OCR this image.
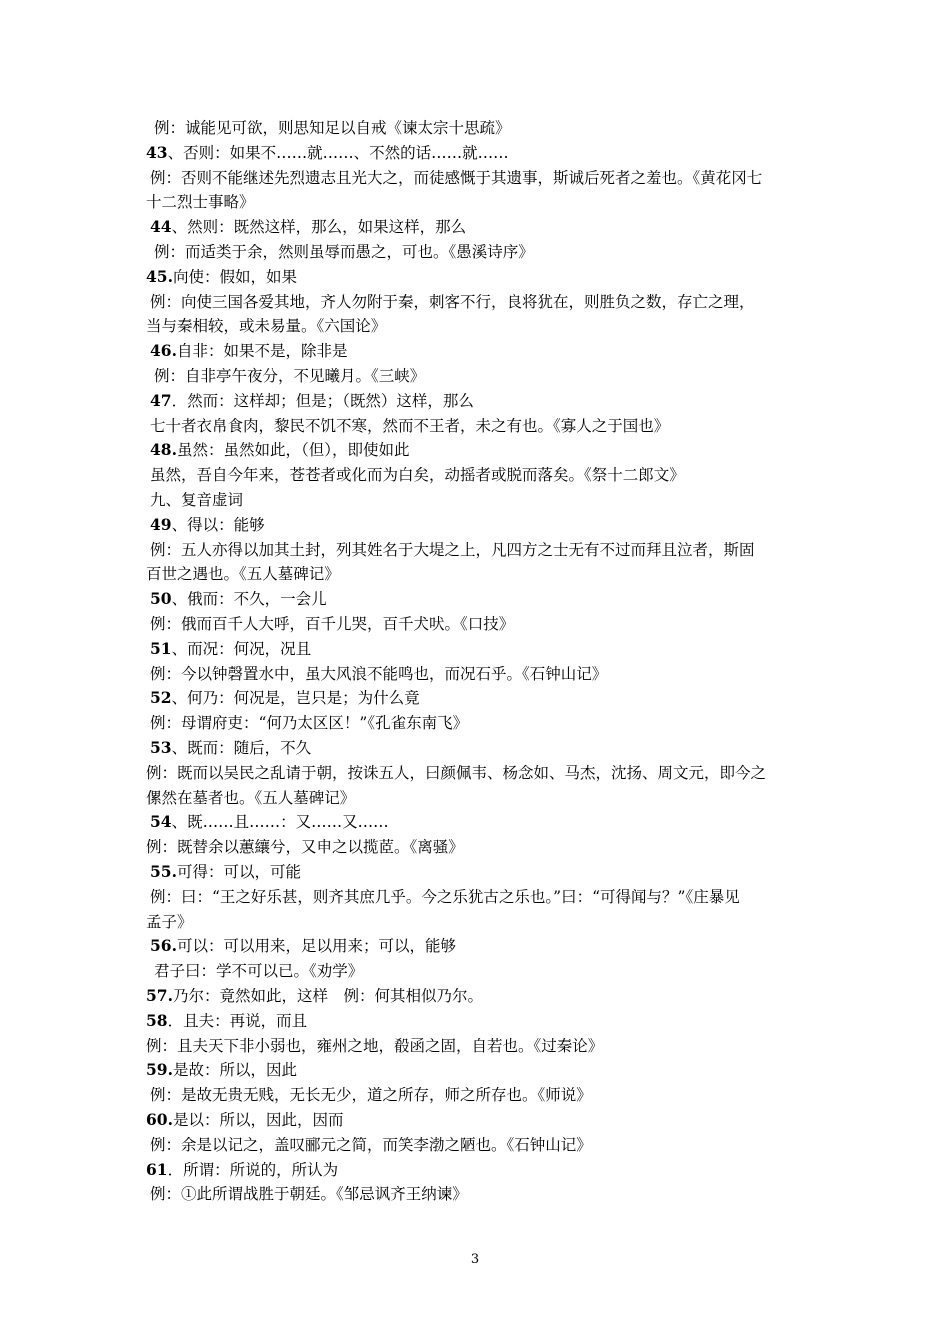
例：诚能见可欲，则思知足以自戒《谏太宗十思疏》
43、否则：如果不……就……、不然的话……就……
例：否则不能继述先烈遗志且光大之，而徒感慨于其遗事，斯诚后死者之羞也。《黄花冈七
十二烈士事略》
44、然则：既然这样，那么，如果这样，那么
例：而适类于余，然则虽辱而愚之，可也。《愚溪诗序》
45.向使：假如，如果
例：向使三国各爱其地，齐人勿附于秦，刺客不行，良将犹在，则胜负之数，存亡之理，
当与秦相较，或未易量。《六国论》
46.自非：如果不是，除非是
例：自非亭午夜分，不见曦月。《三峡》
47．然而：这样却；但是；（既然）这样，那么
七十者衣帛食肉，黎民不饥不寒，然而不王者，未之有也。《寡人之于国也》
48.虽然：虽然如此，（但），即使如此
虽然，吾自今年来，苍苍者或化而为白矣，动摇者或脱而落矣。《祭十二郎文》
九、复音虚词
49、得以：能够
例：五人亦得以加其土封，列其姓名于大堤之上，凡四方之士无有不过而拜且泣者，斯固
百世之遇也。《五人墓碑记》
50、俄而：不久，一会儿
例：俄而百千人大呼，百千儿哭，百千犬吠。《口技》
51、而况：何况，况且
例：今以钟磬置水中，虽大风浪不能鸣也，而况石乎。《石钟山记》
52、何乃：何况是，岂只是；为什么竟
例：母谓府吏：“何乃太区区！”《孔雀东南飞》
53、既而：随后，不久
例：既而以吴民之乱请于朝，按诛五人，曰颜佩韦、杨念如、马杰，沈扬、周文元，即今之
傫然在墓者也。《五人墓碑记》
54、既……且……：又……又……
例：既替余以蕙纕兮，又申之以揽茝。《离骚》
55.可得：可以，可能
例：曰：“王之好乐甚，则齐其庶几乎。今之乐犹古之乐也。”曰：“可得闻与？”《庄暴见
孟子》
56.可以：可以用来，足以用来；可以，能够
君子曰：学不可以已。《劝学》
57.乃尔：竟然如此，这样　例：何其相似乃尔。
58．且夫：再说，而且
例：且夫天下非小弱也，雍州之地，殽函之固，自若也。《过秦论》
59.是故：所以，因此
例：是故无贵无贱，无长无少，道之所存，师之所存也。《师说》
60.是以：所以，因此，因而
例：余是以记之，盖叹郦元之简，而笑李渤之陋也。《石钟山记》
61．所谓：所说的，所认为
例：①此所谓战胜于朝廷。《邹忌讽齐王纳谏》
3
